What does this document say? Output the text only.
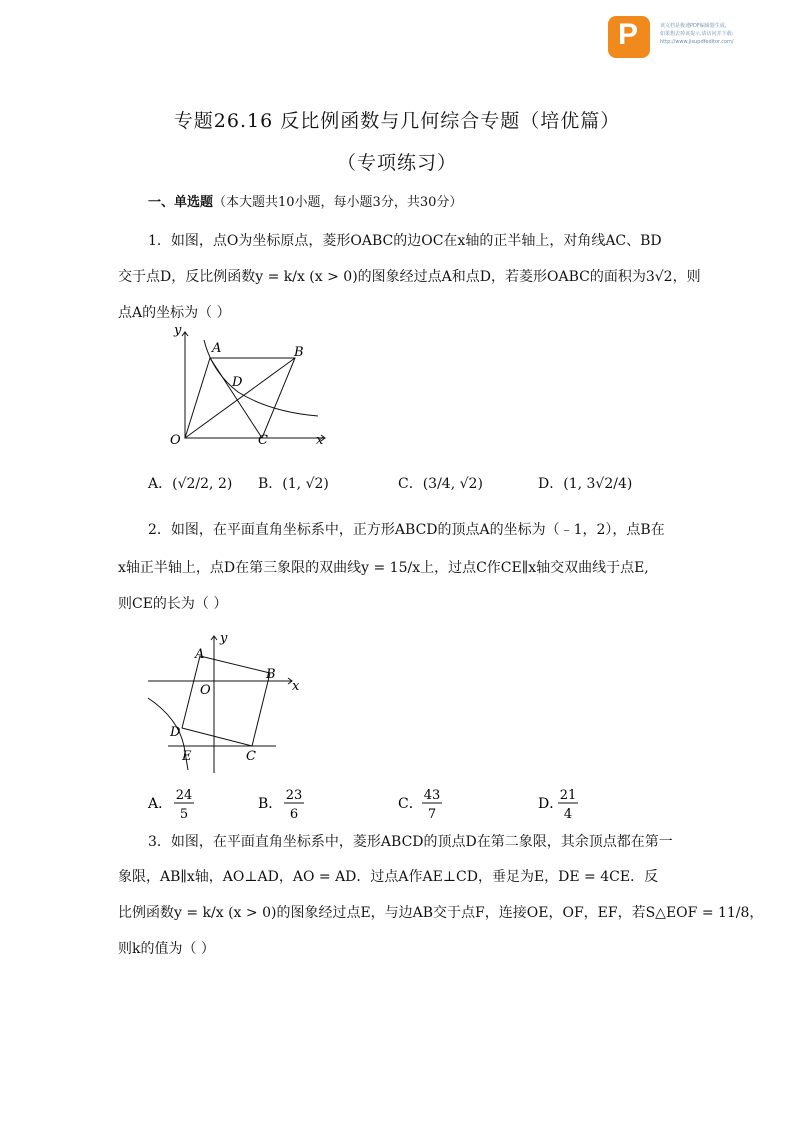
P	该文档是极速PDF编辑器生成,
如果想去掉该提示,请访问并下载:
http://www.jisupdfeditor.com/
专题26.16 反比例函数与几何综合专题（培优篇）
（专项练习）
一、单选题（本大题共10小题，每小题3分，共30分）
1．如图，点O为坐标原点，菱形OABC的边OC在x轴的正半轴上，对角线AC、BD
交于点D，反比例函数y = k/x (x > 0)的图象经过点A和点D，若菱形OABC的面积为3√2，则
点A的坐标为（ ）
y
A	B
D
O	C	x
A．(√2/2, 2) B．(1, √2)	C．(3/4, √2)	D．(1, 3√2/4)
2．如图，在平面直角坐标系中，正方形ABCD的顶点A的坐标为（﹣1，2），点B在
x轴正半轴上，点D在第三象限的双曲线y = 15/x上，过点C作CE∥x轴交双曲线于点E,
则CE的长为（ ）
y
A
B
O	x
D
E	C
A．
24
5
B．
23
6
C．
43
7
D．
21
4
3．如图，在平面直角坐标系中，菱形ABCD的顶点D在第二象限，其余顶点都在第一
象限，AB∥x轴，AO⊥AD，AO = AD．过点A作AE⊥CD，垂足为E，DE = 4CE．反
比例函数y = k/x (x > 0)的图象经过点E，与边AB交于点F，连接OE，OF，EF，若S△EOF = 11/8，
则k的值为（ ）
